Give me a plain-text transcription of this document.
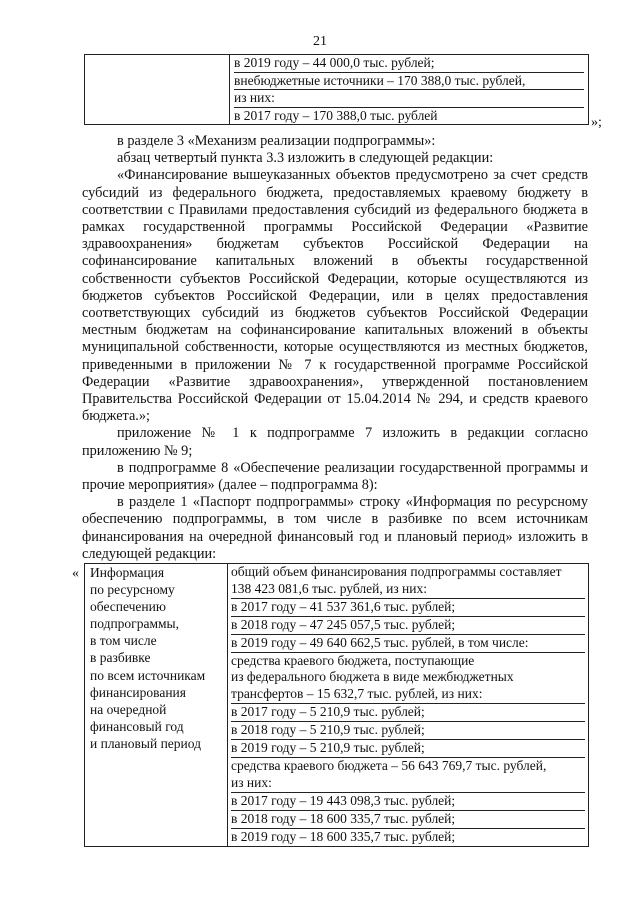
21

в 2019 году – 44 000,0 тыс. рублей;
внебюджетные источники – 170 388,0 тыс. рублей,
из них:
в 2017 году – 170 388,0 тыс. рублей	»;

в разделе 3 «Механизм реализации подпрограммы»:

абзац четвертый пункта 3.3 изложить в следующей редакции:

«Финансирование вышеуказанных объектов предусмотрено за счет средств субсидий из федерального бюджета, предоставляемых краевому бюджету в соответствии с Правилами предоставления субсидий из федерального бюджета в рамках государственной программы Российской Федерации «Развитие здравоохранения» бюджетам субъектов Российской Федерации на софинансирование капитальных вложений в объекты государственной собственности субъектов Российской Федерации, которые осуществляются из бюджетов субъектов Российской Федерации, или в целях предоставления соответствующих субсидий из бюджетов субъектов Российской Федерации местным бюджетам на софинансирование капитальных вложений в объекты муниципальной собственности, которые осуществляются из местных бюджетов, приведенными в приложении № 7 к государственной программе Российской Федерации «Развитие здравоохранения», утвержденной постановлением Правительства Российской Федерации от 15.04.2014 № 294, и средств краевого бюджета.»;

приложение № 1 к подпрограмме 7 изложить в редакции согласно приложению № 9;

в подпрограмме 8 «Обеспечение реализации государственной программы и прочие мероприятия» (далее – подпрограмма 8):

в разделе 1 «Паспорт подпрограммы» строку «Информация по ресурсному обеспечению подпрограммы, в том числе в разбивке по всем источникам финансирования на очередной финансовый год и плановый период» изложить в следующей редакции:

« Информация
по ресурсному
обеспечению
подпрограммы,
в том числе
в разбивке
по всем источникам
финансирования
на очередной
финансовый год
и плановый период

общий объем финансирования подпрограммы составляет
138 423 081,6 тыс. рублей, из них:
в 2017 году – 41 537 361,6 тыс. рублей;
в 2018 году – 47 245 057,5 тыс. рублей;
в 2019 году – 49 640 662,5 тыс. рублей, в том числе:
средства краевого бюджета, поступающие
из федерального бюджета в виде межбюджетных
трансфертов – 15 632,7 тыс. рублей, из них:
в 2017 году – 5 210,9 тыс. рублей;
в 2018 году – 5 210,9 тыс. рублей;
в 2019 году – 5 210,9 тыс. рублей;
средства краевого бюджета – 56 643 769,7 тыс. рублей,
из них:
в 2017 году – 19 443 098,3 тыс. рублей;
в 2018 году – 18 600 335,7 тыс. рублей;
в 2019 году – 18 600 335,7 тыс. рублей;
